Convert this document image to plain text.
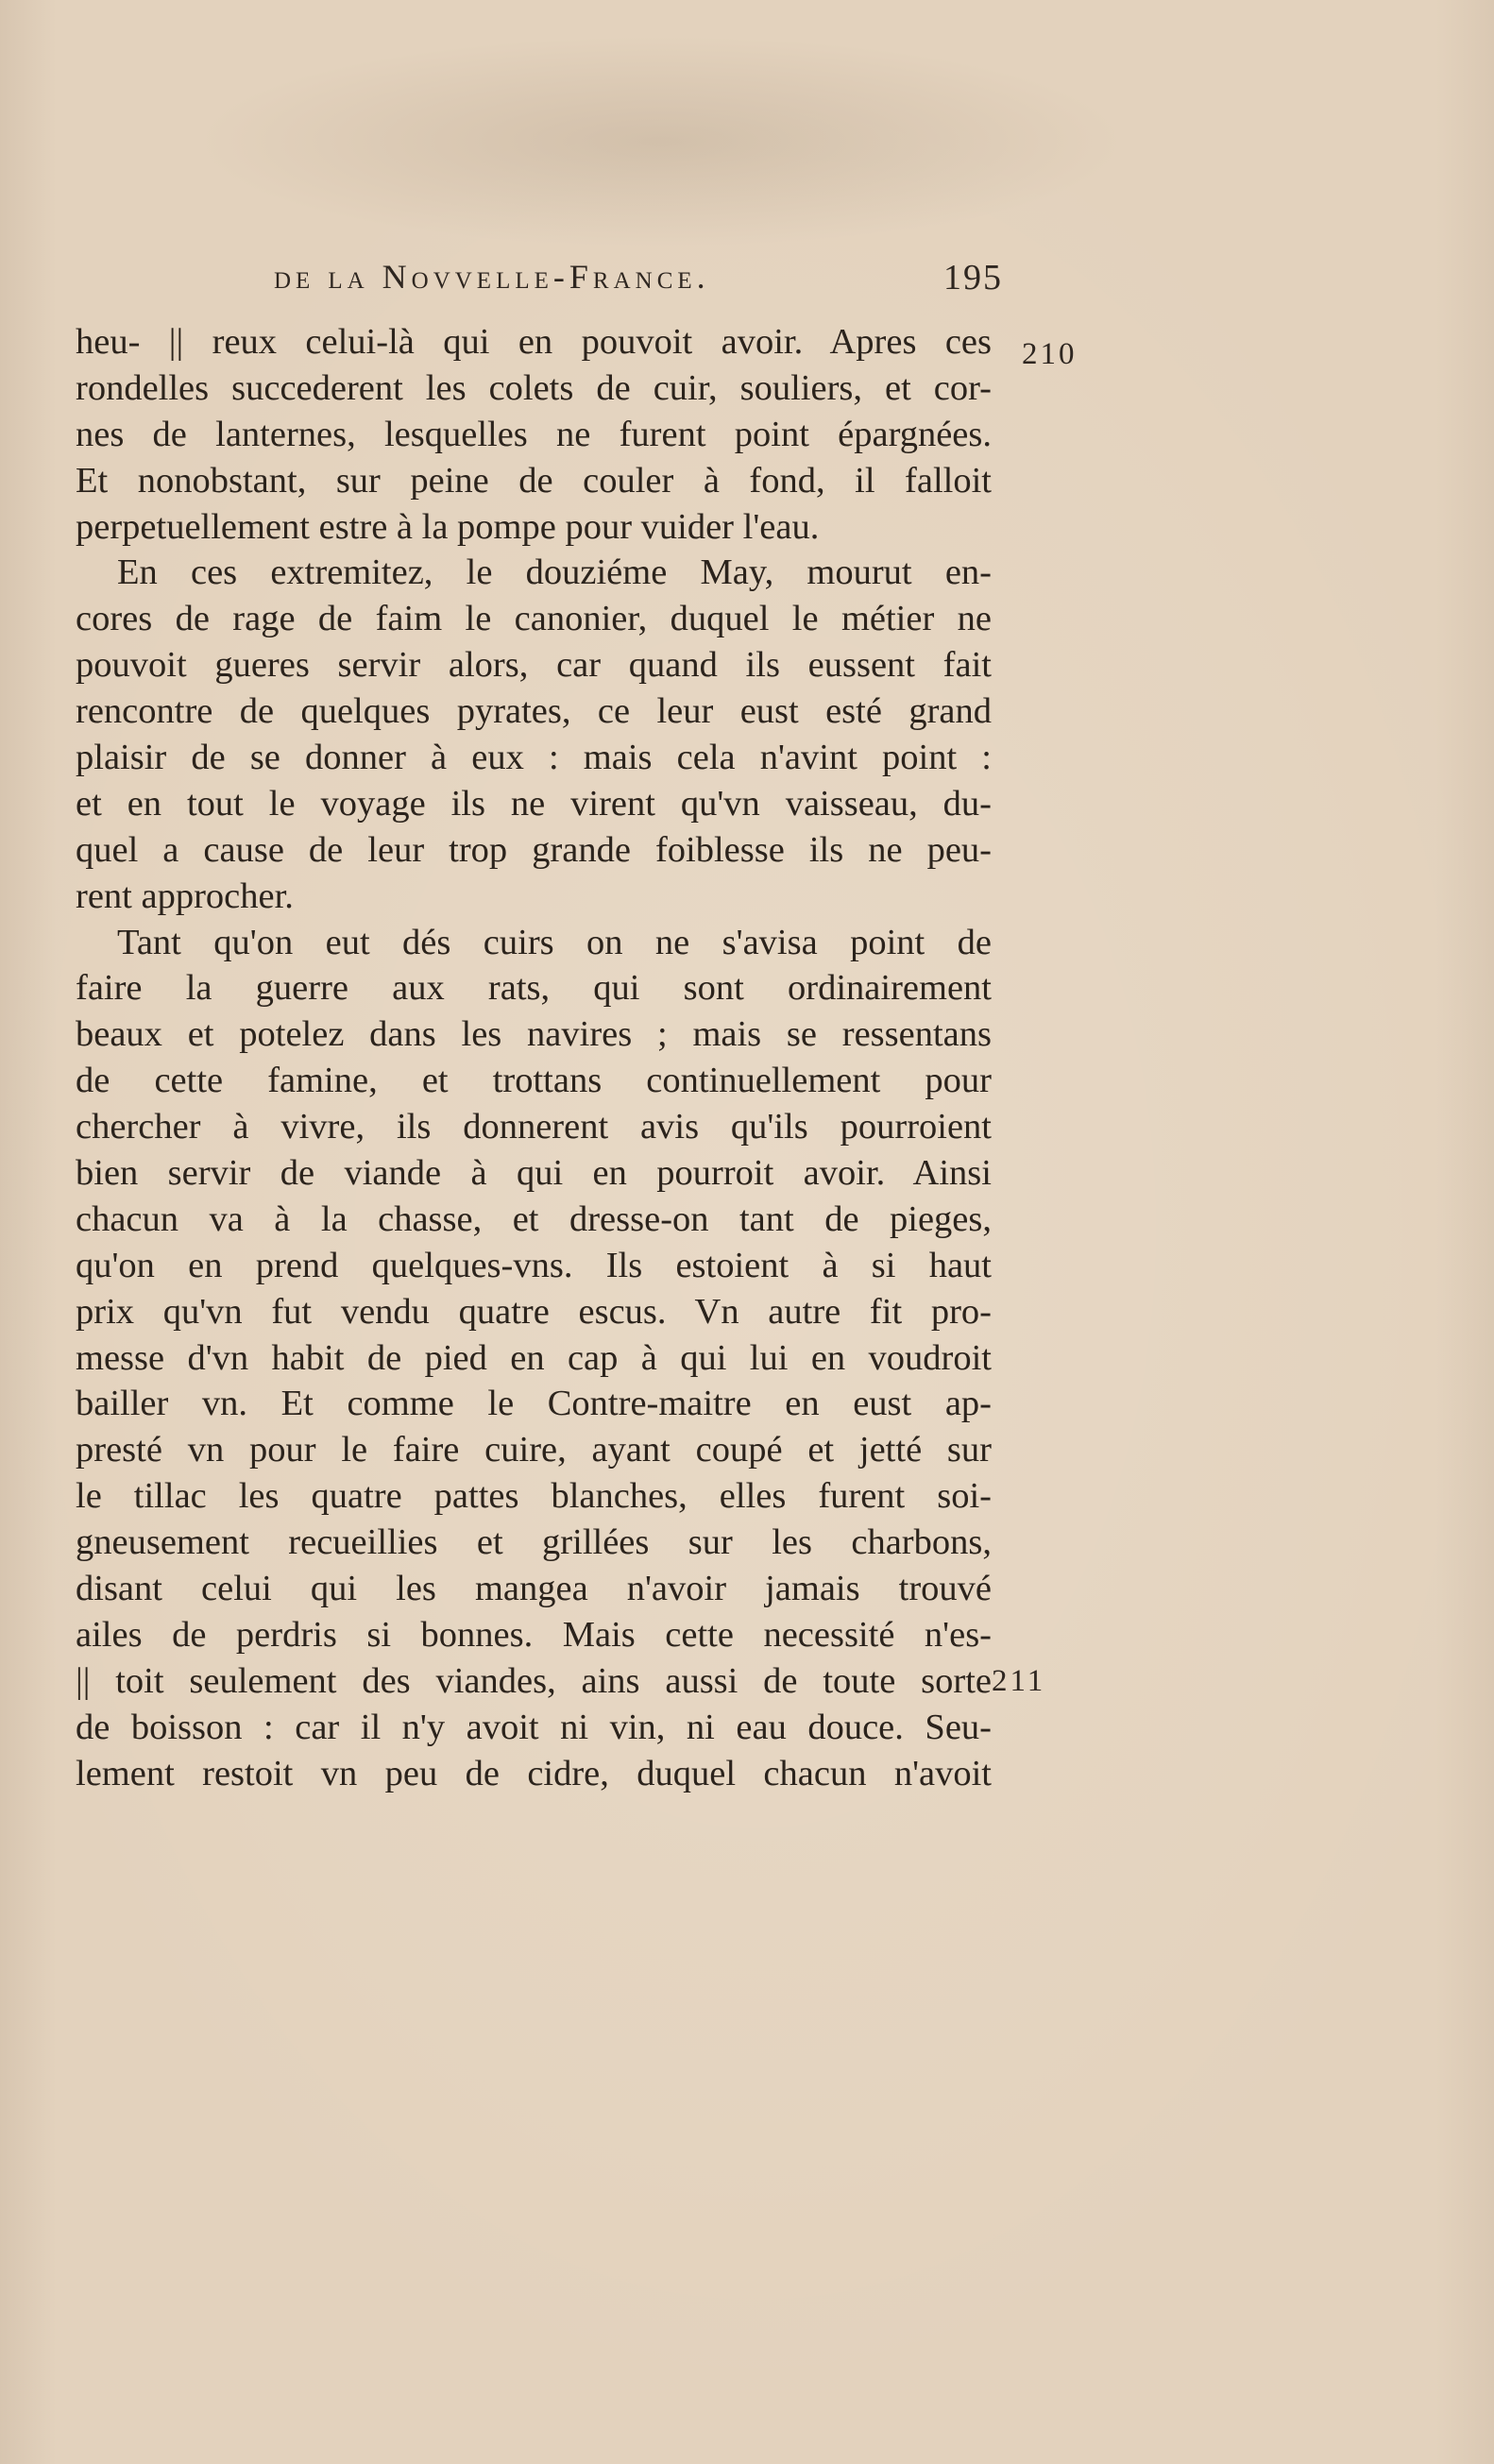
de la Novvelle-France.	195
210
211
heu- || reux celui-là qui en pouvoit avoir. Apres ces
rondelles succederent les colets de cuir, souliers, et cor-
nes de lanternes, lesquelles ne furent point épargnées.
Et nonobstant, sur peine de couler à fond, il falloit
perpetuellement estre à la pompe pour vuider l'eau.
En ces extremitez, le douziéme May, mourut en-
cores de rage de faim le canonier, duquel le métier ne
pouvoit gueres servir alors, car quand ils eussent fait
rencontre de quelques pyrates, ce leur eust esté grand
plaisir de se donner à eux : mais cela n'avint point :
et en tout le voyage ils ne virent qu'vn vaisseau, du-
quel a cause de leur trop grande foiblesse ils ne peu-
rent approcher.
Tant qu'on eut dés cuirs on ne s'avisa point de
faire la guerre aux rats, qui sont ordinairement
beaux et potelez dans les navires ; mais se ressentans
de cette famine, et trottans continuellement pour
chercher à vivre, ils donnerent avis qu'ils pourroient
bien servir de viande à qui en pourroit avoir. Ainsi
chacun va à la chasse, et dresse-on tant de pieges,
qu'on en prend quelques-vns. Ils estoient à si haut
prix qu'vn fut vendu quatre escus. Vn autre fit pro-
messe d'vn habit de pied en cap à qui lui en voudroit
bailler vn. Et comme le Contre-maitre en eust ap-
presté vn pour le faire cuire, ayant coupé et jetté sur
le tillac les quatre pattes blanches, elles furent soi-
gneusement recueillies et grillées sur les charbons,
disant celui qui les mangea n'avoir jamais trouvé
ailes de perdris si bonnes. Mais cette necessité n'es-
|| toit seulement des viandes, ains aussi de toute sorte
de boisson : car il n'y avoit ni vin, ni eau douce. Seu-
lement restoit vn peu de cidre, duquel chacun n'avoit
